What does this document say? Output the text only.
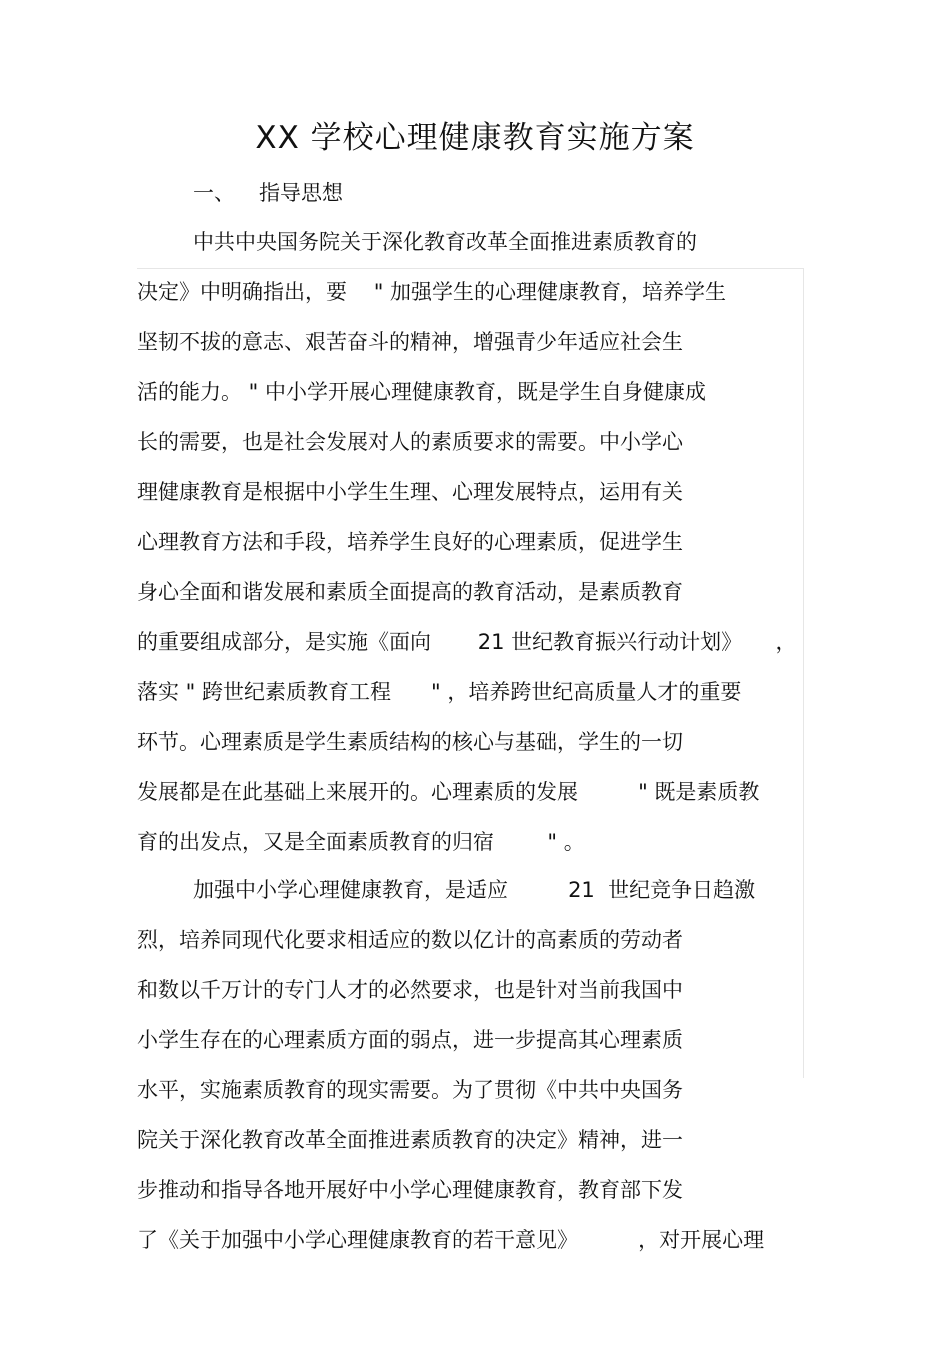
XX 学校心理健康教育实施方案
一、 指导思想
中共中央国务院关于深化教育改革全面推进素质教育的
决定》中明确指出，要    " 加强学生的心理健康教育，培养学生
坚韧不拔的意志、艰苦奋斗的精神，增强青少年适应社会生
活的能力。 " 中小学开展心理健康教育，既是学生自身健康成
长的需要，也是社会发展对人的素质要求的需要。中小学心
理健康教育是根据中小学生生理、心理发展特点，运用有关
心理教育方法和手段，培养学生良好的心理素质，促进学生
身心全面和谐发展和素质全面提高的教育活动，是素质教育
的重要组成部分，是实施《面向       21 世纪教育振兴行动计划》     ，
落实 " 跨世纪素质教育工程      " ，培养跨世纪高质量人才的重要
环节。心理素质是学生素质结构的核心与基础，学生的一切
发展都是在此基础上来展开的。心理素质的发展         " 既是素质教
育的出发点，又是全面素质教育的归宿        " 。
加强中小学心理健康教育，是适应         21  世纪竞争日趋激
烈，培养同现代化要求相适应的数以亿计的高素质的劳动者
和数以千万计的专门人才的必然要求，也是针对当前我国中
小学生存在的心理素质方面的弱点，进一步提高其心理素质
水平，实施素质教育的现实需要。为了贯彻《中共中央国务
院关于深化教育改革全面推进素质教育的决定》精神，进一
步推动和指导各地开展好中小学心理健康教育，教育部下发
了《关于加强中小学心理健康教育的若干意见》         ，对开展心理
